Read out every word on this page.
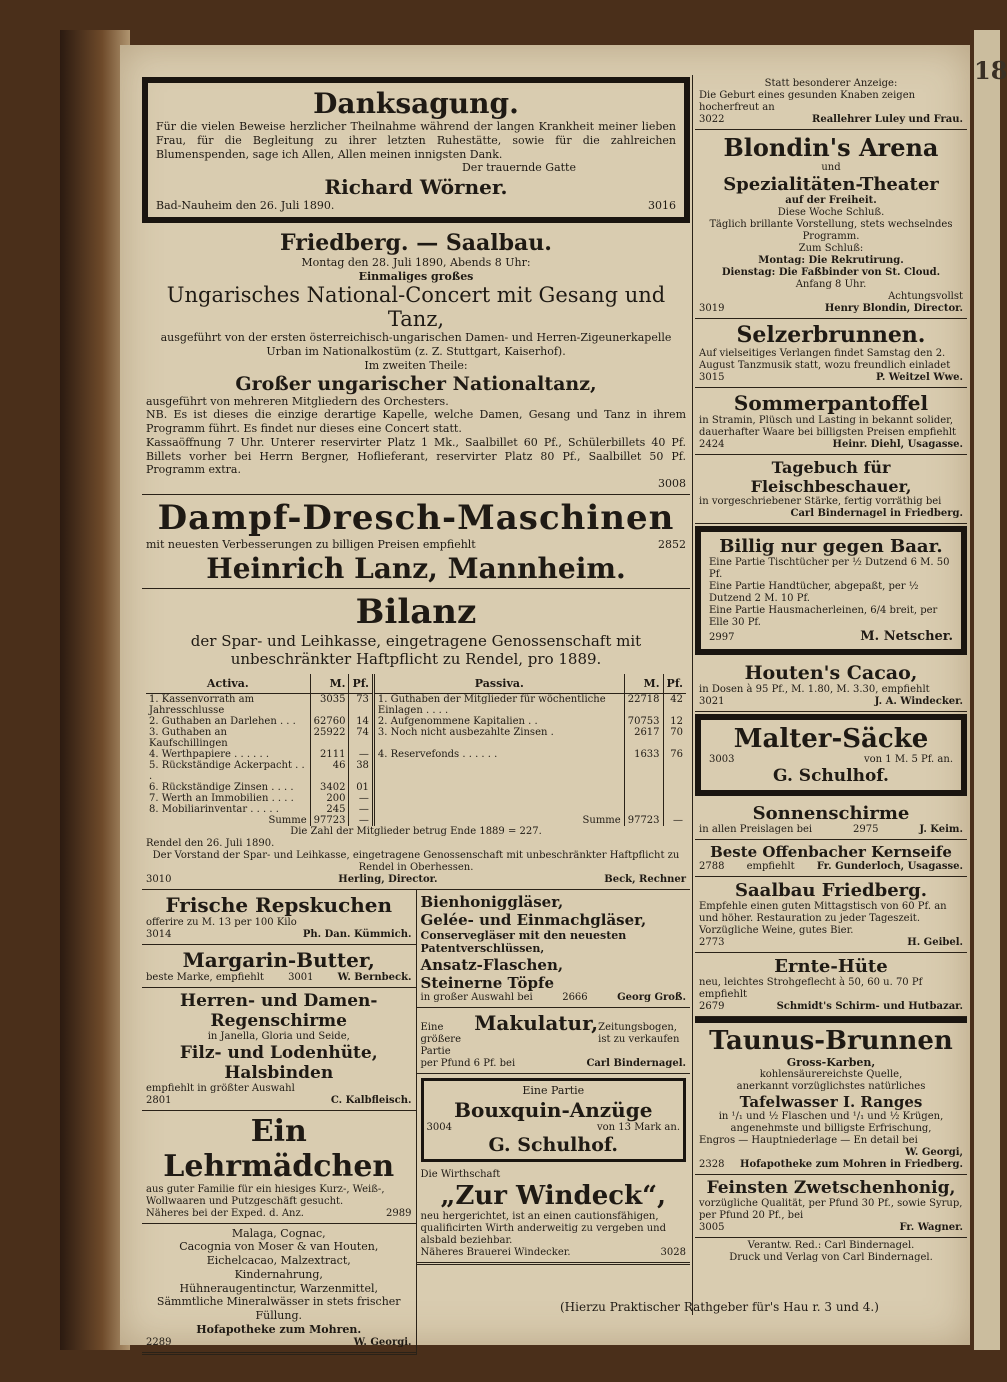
18
Danksagung.
Für die vielen Beweise herzlicher Theilnahme während der langen Krankheit meiner lieben Frau, für die Begleitung zu ihrer letzten Ruhestätte, sowie für die zahlreichen Blumenspenden, sage ich Allen, Allen meinen innigsten Dank.
Der trauernde Gatte
Richard Wörner.
Bad-Nauheim den 26. Juli 1890.	3016
Friedberg. — Saalbau.
Montag den 28. Juli 1890, Abends 8 Uhr:
Einmaliges großes
Ungarisches National-Concert mit Gesang und Tanz,
ausgeführt von der ersten österreichisch-ungarischen Damen- und Herren-Zigeunerkapelle Urban im Nationalkostüm (z. Z. Stuttgart, Kaiserhof).
Im zweiten Theile:
Großer ungarischer Nationaltanz,
ausgeführt von mehreren Mitgliedern des Orchesters.
NB. Es ist dieses die einzige derartige Kapelle, welche Damen, Gesang und Tanz in ihrem Programm führt. Es findet nur dieses eine Concert statt.
Kassaöffnung 7 Uhr. Unterer reservirter Platz 1 Mk., Saalbillet 60 Pf., Schülerbillets 40 Pf. Billets vorher bei Herrn Bergner, Hoflieferant, reservirter Platz 80 Pf., Saalbillet 50 Pf. Programm extra.
3008
Dampf-Dresch-Maschinen
mit neuesten Verbesserungen zu billigen Preisen empfiehlt	2852
Heinrich Lanz, Mannheim.
Bilanz
der Spar- und Leihkasse, eingetragene Genossenschaft mit unbeschränkter Haftpflicht zu Rendel, pro 1889.
Activa.	M.	Pf.	Passiva.	M.	Pf.
1. Kassenvorrath am Jahresschlusse	3035	73	1. Guthaben der Mitglieder für wöchentliche Einlagen . . . .	22718	42
2. Guthaben an Darlehen . . .	62760	14	2. Aufgenommene Kapitalien . .	70753	12
3. Guthaben an Kaufschillingen	25922	74	3. Noch nicht ausbezahlte Zinsen .	2617	70
4. Werthpapiere . . . . . .	2111	—	4. Reservefonds . . . . . .	1633	76
5. Rückständige Ackerpacht . . .	46	38			
6. Rückständige Zinsen . . . .	3402	01			
7. Werth an Immobilien . . . .	200	—			
8. Mobiliarinventar . . . . .	245	—			
Summe	97723	—	Summe	97723	—
Die Zahl der Mitglieder betrug Ende 1889 = 227.
Rendel den 26. Juli 1890.
Der Vorstand der Spar- und Leihkasse, eingetragene Genossenschaft mit unbeschränkter Haftpflicht zu Rendel in Oberhessen.
3010	Herling, Director.	Beck, Rechner
Frische Repskuchen
offerire zu M. 13 per 100 Kilo
3014	Ph. Dan. Kümmich.
Margarin-Butter,
beste Marke, empfiehlt 3001 W. Bernbeck.
Herren- und Damen-Regenschirme
in Janella, Gloria und Seide,
Filz- und Lodenhüte, Halsbinden
empfiehlt in größter Auswahl
2801	C. Kalbfleisch.
Ein Lehrmädchen
aus guter Familie für ein hiesiges Kurz-, Weiß-, Wollwaaren und Putzgeschäft gesucht.
Näheres bei der Exped. d. Anz.	2989
Malaga, Cognac,
Cacognia von Moser & van Houten,
Eichelcacao, Malzextract,
Kindernahrung,
Hühneraugentinctur, Warzenmittel,
Sämmtliche Mineralwässer in stets frischer Füllung.
Hofapotheke zum Mohren.
2289	W. Georgi.
Bienhoniggläser,
Gelée- und Einmachgläser,
Conservegläser mit den neuesten Patentverschlüssen,
Ansatz-Flaschen,
Steinerne Töpfe
in großer Auswahl bei	2666	Georg Groß.
Eine größere Partie
Makulatur, Zeitungsbogen, ist zu verkaufen
per Pfund 6 Pf. bei	Carl Bindernagel.
Eine Partie
Bouxquin-Anzüge
3004	von 13 Mark an.
G. Schulhof.
Die Wirthschaft
„Zur Windeck“,
neu hergerichtet, ist an einen cautionsfähigen, qualificirten Wirth anderweitig zu vergeben und alsbald beziehbar.
Näheres Brauerei Windecker.	3028
Statt besonderer Anzeige:
Die Geburt eines gesunden Knaben zeigen hocherfreut an
3022	Reallehrer Luley und Frau.
Blondin's Arena
und
Spezialitäten-Theater
auf der Freiheit.
Diese Woche Schluß.
Täglich brillante Vorstellung, stets wechselndes Programm.
Zum Schluß:
Montag: Die Rekrutirung.
Dienstag: Die Faßbinder von St. Cloud.
Anfang 8 Uhr.
Achtungsvollst
3019	Henry Blondin, Director.
Selzerbrunnen.
Auf vielseitiges Verlangen findet Samstag den 2. August Tanzmusik statt, wozu freundlich einladet
3015	P. Weitzel Wwe.
Sommerpantoffel
in Stramin, Plüsch und Lasting in bekannt solider, dauerhafter Waare bei billigsten Preisen empfiehlt
2424	Heinr. Diehl, Usagasse.
Tagebuch für Fleischbeschauer,
in vorgeschriebener Stärke, fertig vorräthig bei
Carl Bindernagel in Friedberg.
Billig nur gegen Baar.
Eine Partie Tischtücher per ½ Dutzend 6 M. 50 Pf.
Eine Partie Handtücher, abgepaßt, per ½ Dutzend 2 M. 10 Pf.
Eine Partie Hausmacherleinen, 6/4 breit, per Elle 30 Pf.
2997	M. Netscher.
Houten's Cacao,
in Dosen à 95 Pf., M. 1.80, M. 3.30, empfiehlt
3021	J. A. Windecker.
Malter-Säcke
3003	von 1 M. 5 Pf. an.
G. Schulhof.
Sonnenschirme
in allen Preislagen bei	2975	J. Keim.
Beste Offenbacher Kernseife
2788 empfiehlt Fr. Gunderloch, Usagasse.
Saalbau Friedberg.
Empfehle einen guten Mittagstisch von 60 Pf. an und höher. Restauration zu jeder Tageszeit. Vorzügliche Weine, gutes Bier.
2773	H. Geibel.
Ernte-Hüte
neu, leichtes Strohgeflecht à 50, 60 u. 70 Pf empfiehlt
2679	Schmidt's Schirm- und Hutbazar.
Taunus-Brunnen
Gross-Karben,
kohlensäurereichste Quelle,
anerkannt vorzüglichstes natürliches
Tafelwasser I. Ranges
in ¹/₁ und ½ Flaschen und ¹/₁ und ½ Krügen, angenehmste und billigste Erfrischung,
Engros — Hauptniederlage — En detail bei
W. Georgi,
2328 Hofapotheke zum Mohren in Friedberg.
Feinsten Zwetschenhonig,
vorzügliche Qualität, per Pfund 30 Pf., sowie Syrup, per Pfund 20 Pf., bei
3005	Fr. Wagner.
Verantw. Red.: Carl Bindernagel.
Druck und Verlag von Carl Bindernagel.
(Hierzu Praktischer Rathgeber für's Hau r. 3 und 4.)
